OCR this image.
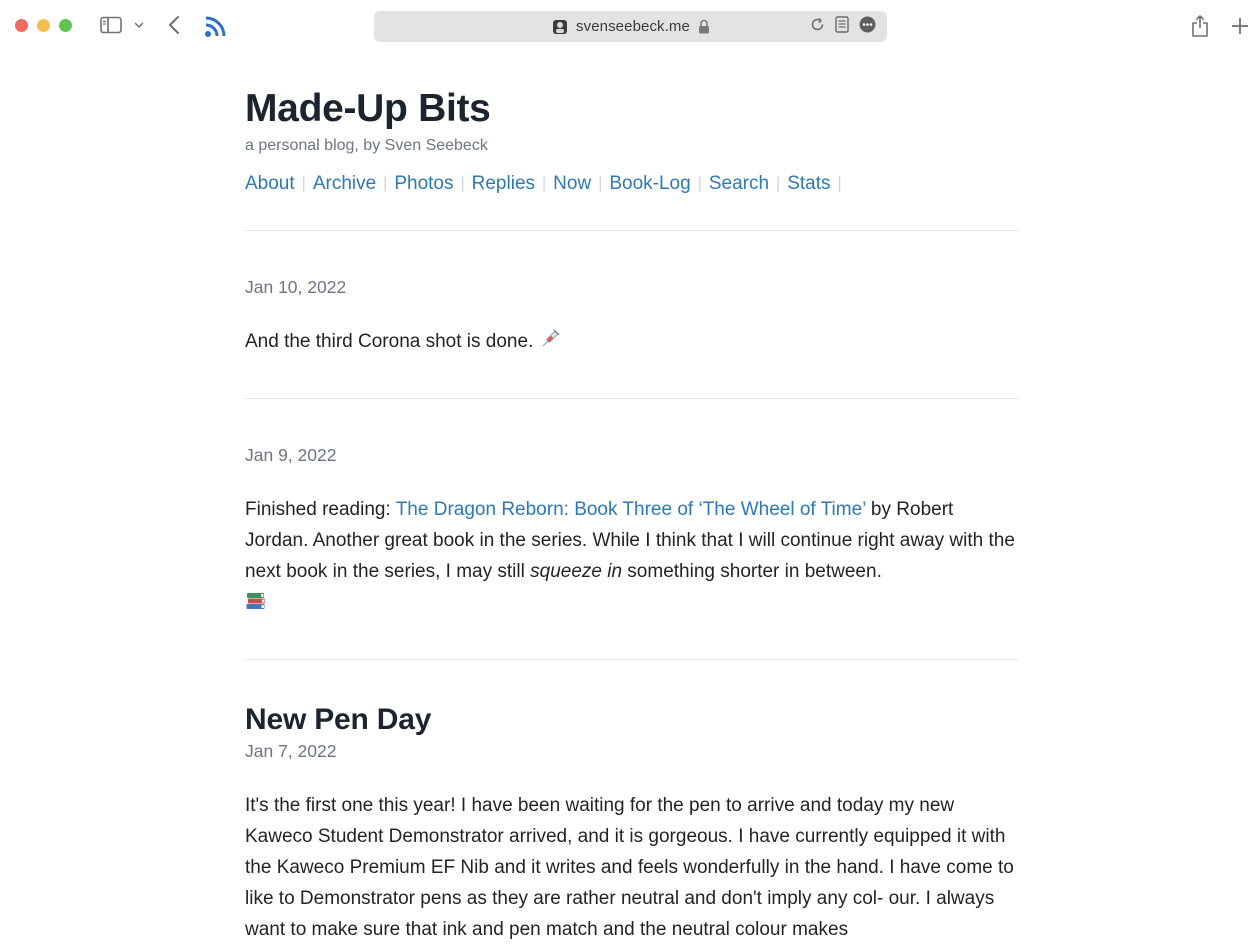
svenseebeck.me
Made-Up Bits
a personal blog, by Sven Seebeck
About | Archive | Photos | Replies | Now | Book-Log | Search | Stats |
Jan 10, 2022

And the third Corona shot is done.

Jan 9, 2022

Finished reading: The Dragon Reborn: Book Three of ‘The Wheel of Time’ by Robert Jordan. Another great book in the series. While I think that I will continue right away with the next book in the series, I may still squeeze in something shorter in between.

New Pen Day
Jan 7, 2022

It's the first one this year! I have been waiting for the pen to arrive and today my new Kaweco Student Demonstrator arrived, and it is gorgeous. I have currently equipped it with the Kaweco Premium EF Nib and it writes and feels wonderfully in the hand. I have come to like to Demonstrator pens as they are rather neutral and don't imply any col- our. I always want to make sure that ink and pen match and the neutral colour makes
